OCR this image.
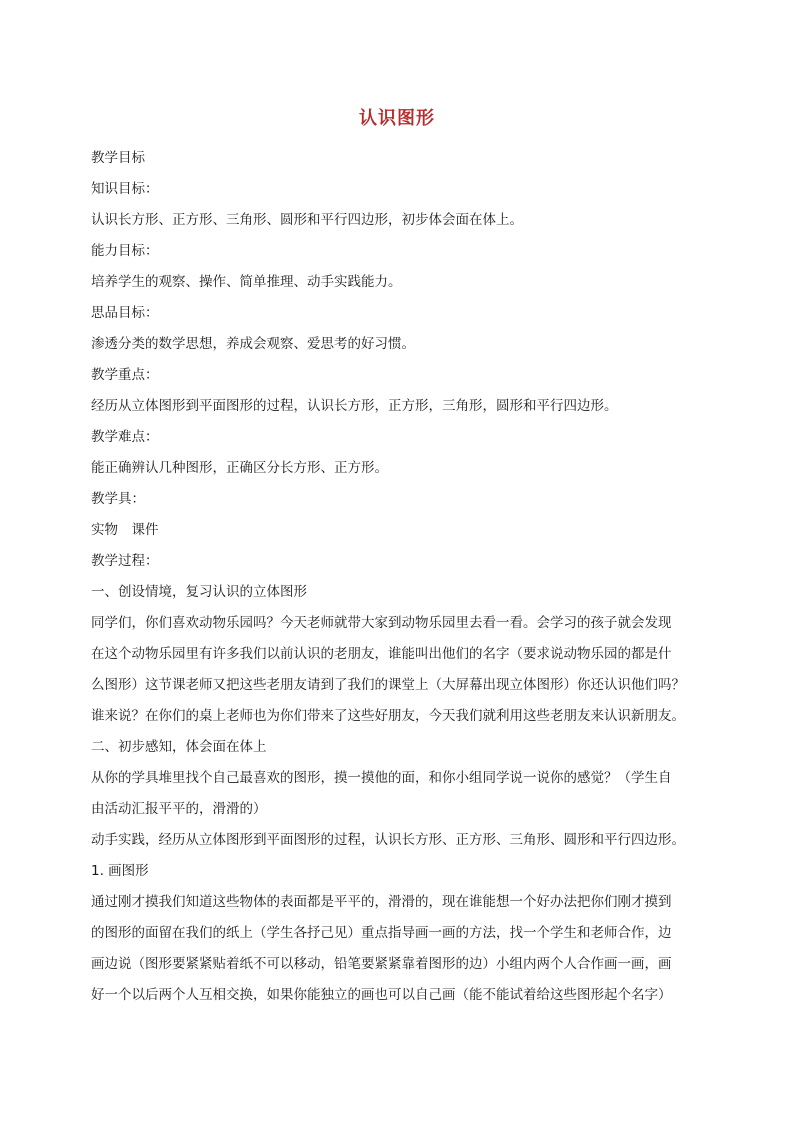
认识图形

教学目标

知识目标：

认识长方形、正方形、三角形、圆形和平行四边形，初步体会面在体上。

能力目标：

培养学生的观察、操作、简单推理、动手实践能力。

思品目标：

渗透分类的数学思想，养成会观察、爱思考的好习惯。

教学重点：

经历从立体图形到平面图形的过程，认识长方形，正方形，三角形，圆形和平行四边形。

教学难点：

能正确辨认几种图形，正确区分长方形、正方形。

教学具：

实物　课件

教学过程：

一、创设情境，复习认识的立体图形

同学们，你们喜欢动物乐园吗？今天老师就带大家到动物乐园里去看一看。会学习的孩子就会发现

在这个动物乐园里有许多我们以前认识的老朋友，谁能叫出他们的名字（要求说动物乐园的都是什

么图形）这节课老师又把这些老朋友请到了我们的课堂上（大屏幕出现立体图形）你还认识他们吗？

谁来说？在你们的桌上老师也为你们带来了这些好朋友，今天我们就利用这些老朋友来认识新朋友。

二、初步感知，体会面在体上

从你的学具堆里找个自己最喜欢的图形，摸一摸他的面，和你小组同学说一说你的感觉？（学生自

由活动汇报平平的，滑滑的）

动手实践，经历从立体图形到平面图形的过程，认识长方形、正方形、三角形、圆形和平行四边形。

1. 画图形

通过刚才摸我们知道这些物体的表面都是平平的，滑滑的，现在谁能想一个好办法把你们刚才摸到

的图形的面留在我们的纸上（学生各抒己见）重点指导画一画的方法，找一个学生和老师合作，边

画边说（图形要紧紧贴着纸不可以移动，铅笔要紧紧靠着图形的边）小组内两个人合作画一画，画

好一个以后两个人互相交换，如果你能独立的画也可以自己画（能不能试着给这些图形起个名字）
